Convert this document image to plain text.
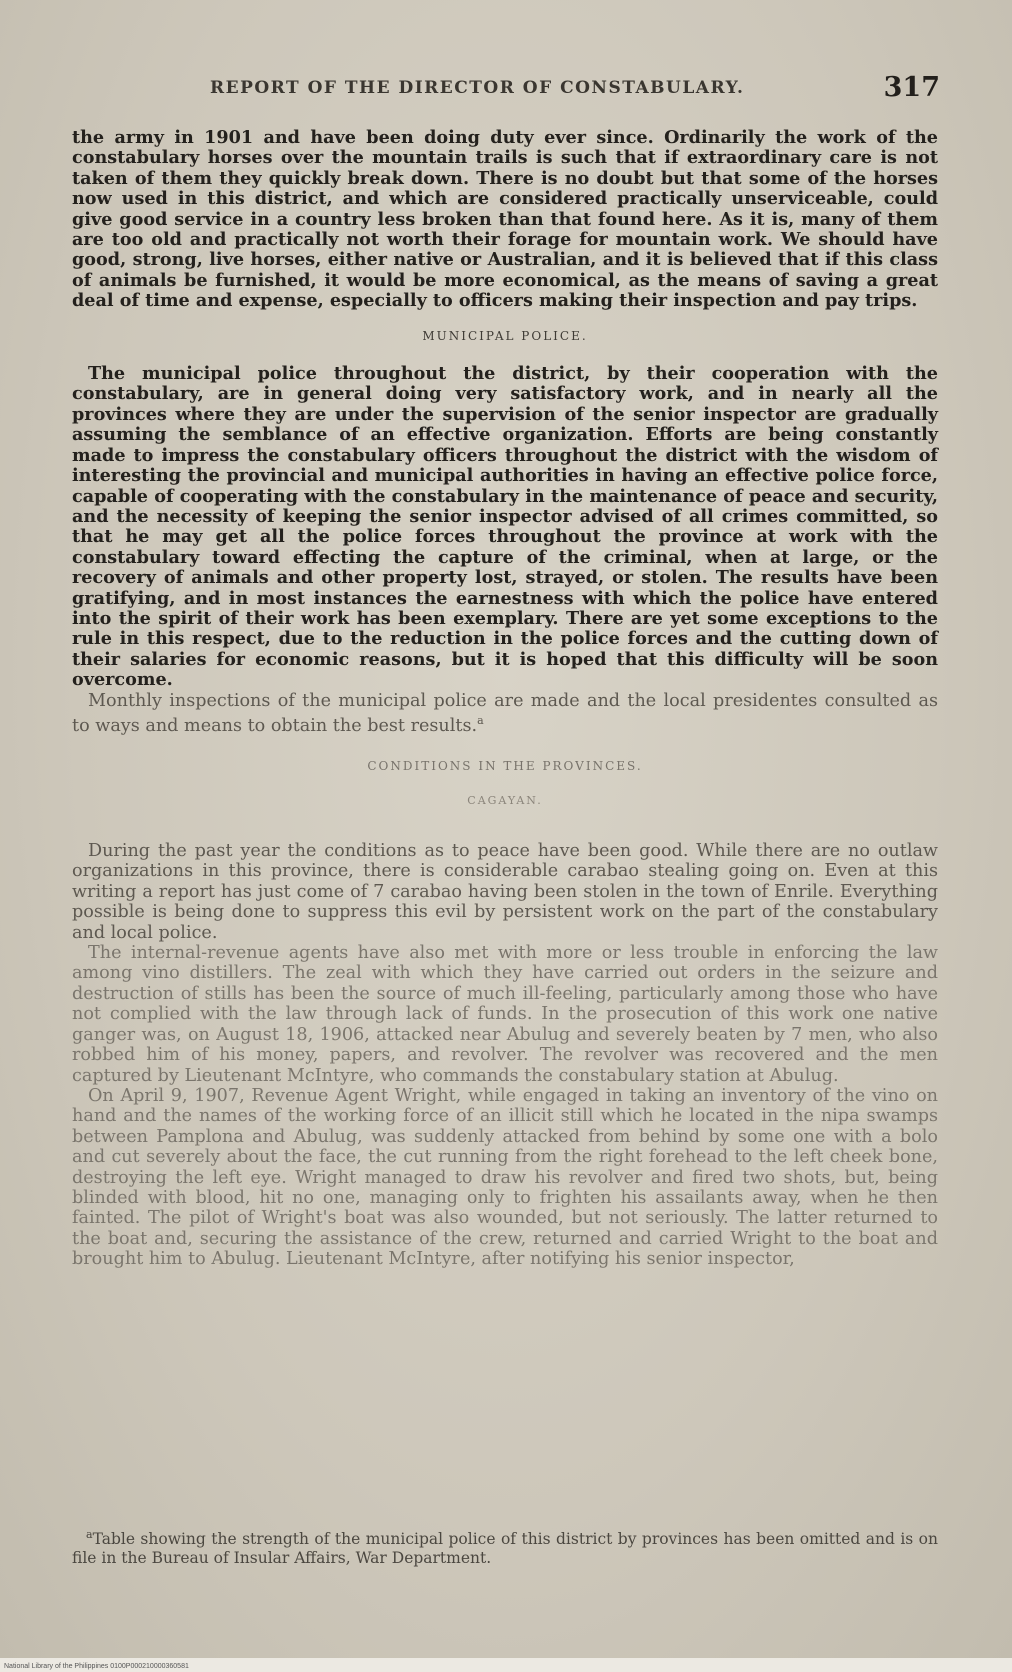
REPORT OF THE DIRECTOR OF CONSTABULARY.	317

the army in 1901 and have been doing duty ever since. Ordinarily the work of the constabulary horses over the mountain trails is such that if extraordinary care is not taken of them they quickly break down. There is no doubt but that some of the horses now used in this district, and which are considered practically unserviceable, could give good service in a country less broken than that found here. As it is, many of them are too old and practically not worth their forage for mountain work. We should have good, strong, live horses, either native or Australian, and it is believed that if this class of animals be furnished, it would be more economical, as the means of saving a great deal of time and expense, especially to officers making their inspection and pay trips.

MUNICIPAL POLICE.

The municipal police throughout the district, by their cooperation with the constabulary, are in general doing very satisfactory work, and in nearly all the provinces where they are under the supervision of the senior inspector are gradually assuming the semblance of an effective organization. Efforts are being constantly made to impress the constabulary officers throughout the district with the wisdom of interesting the provincial and municipal authorities in having an effective police force, capable of cooperating with the constabulary in the maintenance of peace and security, and the necessity of keeping the senior inspector advised of all crimes committed, so that he may get all the police forces throughout the province at work with the constabulary toward effecting the capture of the criminal, when at large, or the recovery of animals and other property lost, strayed, or stolen. The results have been gratifying, and in most instances the earnestness with which the police have entered into the spirit of their work has been exemplary. There are yet some exceptions to the rule in this respect, due to the reduction in the police forces and the cutting down of their salaries for economic reasons, but it is hoped that this difficulty will be soon overcome.

Monthly inspections of the municipal police are made and the local presidentes consulted as to ways and means to obtain the best results.$^a$

CONDITIONS IN THE PROVINCES.
CAGAYAN.

During the past year the conditions as to peace have been good. While there are no outlaw organizations in this province, there is considerable carabao stealing going on. Even at this writing a report has just come of 7 carabao having been stolen in the town of Enrile. Everything possible is being done to suppress this evil by persistent work on the part of the constabulary and local police.

The internal-revenue agents have also met with more or less trouble in enforcing the law among vino distillers. The zeal with which they have carried out orders in the seizure and destruction of stills has been the source of much ill-feeling, particularly among those who have not complied with the law through lack of funds. In the prosecution of this work one native ganger was, on August 18, 1906, attacked near Abulug and severely beaten by 7 men, who also robbed him of his money, papers, and revolver. The revolver was recovered and the men captured by Lieutenant McIntyre, who commands the constabulary station at Abulug.

On April 9, 1907, Revenue Agent Wright, while engaged in taking an inventory of the vino on hand and the names of the working force of an illicit still which he located in the nipa swamps between Pamplona and Abulug, was suddenly attacked from behind by some one with a bolo and cut severely about the face, the cut running from the right forehead to the left cheek bone, destroying the left eye. Wright managed to draw his revolver and fired two shots, but, being blinded with blood, hit no one, managing only to frighten his assailants away, when he then fainted. The pilot of Wright's boat was also wounded, but not seriously. The latter returned to the boat and, securing the assistance of the crew, returned and carried Wright to the boat and brought him to Abulug. Lieutenant McIntyre, after notifying his senior inspector,

$^a$Table showing the strength of the municipal police of this district by provinces has been omitted and is on file in the Bureau of Insular Affairs, War Department.

National Library of the Philippines 0100P000210000360581
